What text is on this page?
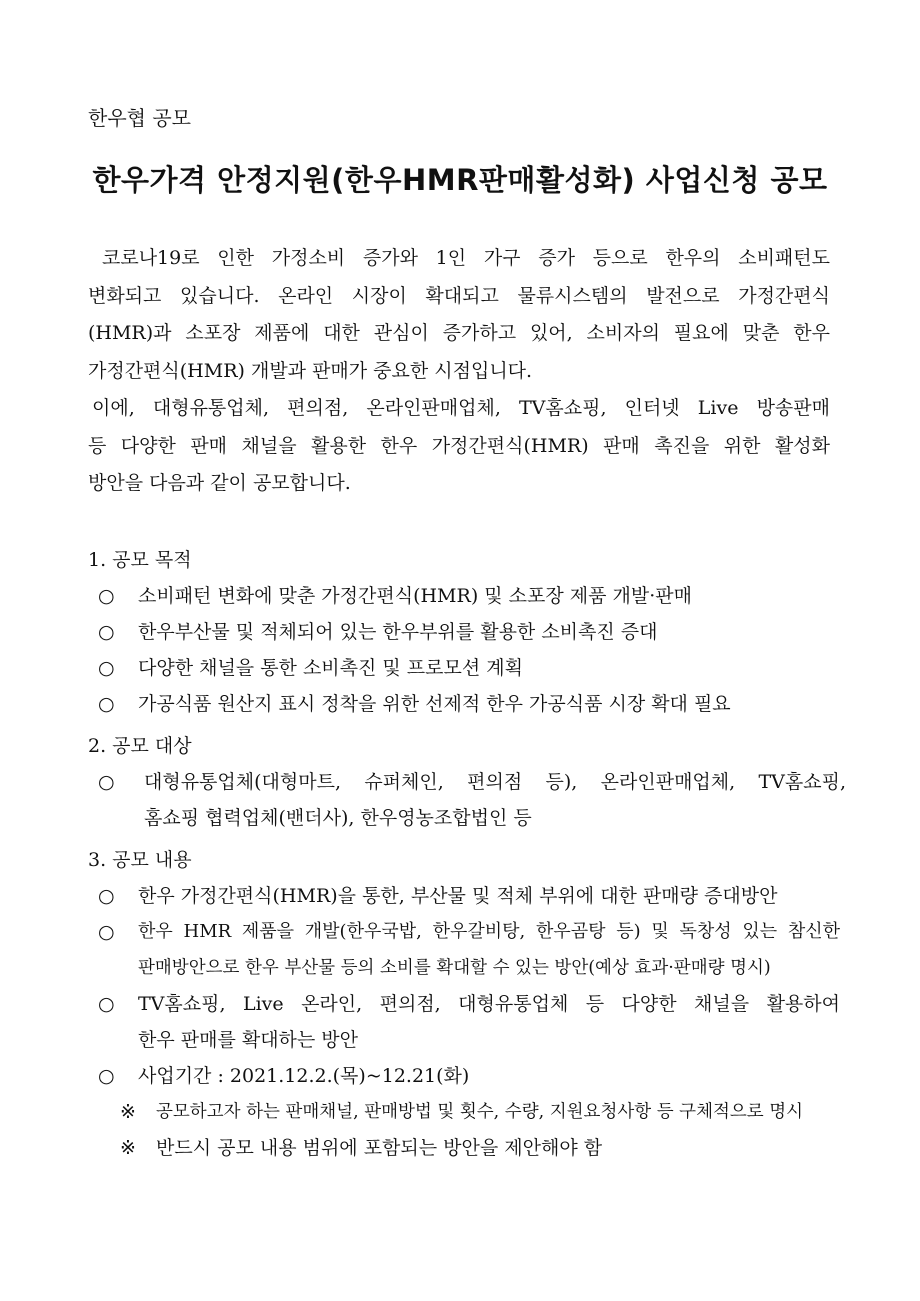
한우협 공모
한우가격 안정지원(한우HMR판매활성화) 사업신청 공모
코로나19로 인한 가정소비 증가와 1인 가구 증가 등으로 한우의 소비패턴도
변화되고 있습니다. 온라인 시장이 확대되고 물류시스템의 발전으로 가정간편식
(HMR)과 소포장 제품에 대한 관심이 증가하고 있어, 소비자의 필요에 맞춘 한우
가정간편식(HMR) 개발과 판매가 중요한 시점입니다.
이에, 대형유통업체, 편의점, 온라인판매업체, TV홈쇼핑, 인터넷 Live 방송판매
등 다양한 판매 채널을 활용한 한우 가정간편식(HMR) 판매 촉진을 위한 활성화
방안을 다음과 같이 공모합니다.
1. 공모 목적
○ 소비패턴 변화에 맞춘 가정간편식(HMR) 및 소포장 제품 개발·판매
○ 한우부산물 및 적체되어 있는 한우부위를 활용한 소비촉진 증대
○ 다양한 채널을 통한 소비촉진 및 프로모션 계획
○ 가공식품 원산지 표시 정착을 위한 선제적 한우 가공식품 시장 확대 필요
2. 공모 대상
○ 대형유통업체(대형마트, 슈퍼체인, 편의점 등), 온라인판매업체, TV홈쇼핑,
홈쇼핑 협력업체(밴더사), 한우영농조합법인 등
3. 공모 내용
○ 한우 가정간편식(HMR)을 통한, 부산물 및 적체 부위에 대한 판매량 증대방안
○ 한우 HMR 제품을 개발(한우국밥, 한우갈비탕, 한우곰탕 등) 및 독창성 있는 참신한
판매방안으로 한우 부산물 등의 소비를 확대할 수 있는 방안(예상 효과·판매량 명시)
○ TV홈쇼핑, Live 온라인, 편의점, 대형유통업체 등 다양한 채널을 활용하여
한우 판매를 확대하는 방안
○ 사업기간 : 2021.12.2.(목)~12.21(화)
※ 공모하고자 하는 판매채널, 판매방법 및 횟수, 수량, 지원요청사항 등 구체적으로 명시
※ 반드시 공모 내용 범위에 포함되는 방안을 제안해야 함
